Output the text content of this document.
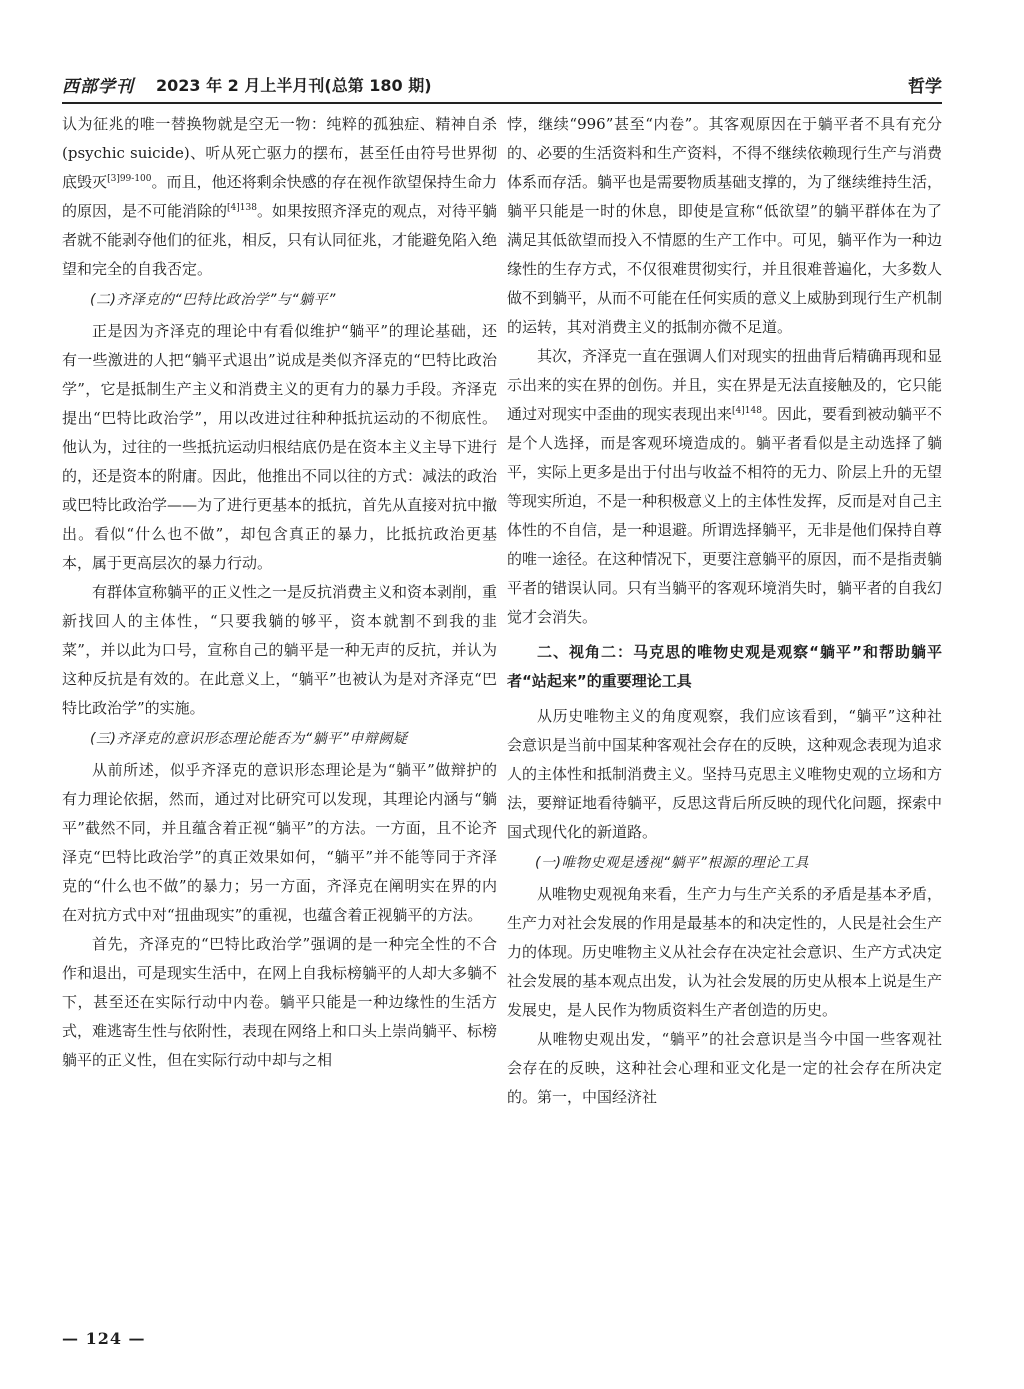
西部学刊 2023 年 2 月上半月刊(总第 180 期)	哲学

认为征兆的唯一替换物就是空无一物：纯粹的孤独症、精神自杀(psychic suicide)、听从死亡驱力的摆布，甚至任由符号世界彻底毁灭$^{[3]99-100}$。而且，他还将剩余快感的存在视作欲望保持生命力的原因，是不可能消除的$^{[4]138}$。如果按照齐泽克的观点，对待平躺者就不能剥夺他们的征兆，相反，只有认同征兆，才能避免陷入绝望和完全的自我否定。

(二)齐泽克的“巴特比政治学”与“躺平”

正是因为齐泽克的理论中有看似维护“躺平”的理论基础，还有一些激进的人把“躺平式退出”说成是类似齐泽克的“巴特比政治学”，它是抵制生产主义和消费主义的更有力的暴力手段。齐泽克提出“巴特比政治学”，用以改进过往种种抵抗运动的不彻底性。他认为，过往的一些抵抗运动归根结底仍是在资本主义主导下进行的，还是资本的附庸。因此，他推出不同以往的方式：减法的政治或巴特比政治学——为了进行更基本的抵抗，首先从直接对抗中撤出。看似“什么也不做”，却包含真正的暴力，比抵抗政治更基本，属于更高层次的暴力行动。

有群体宣称躺平的正义性之一是反抗消费主义和资本剥削，重新找回人的主体性，“只要我躺的够平，资本就割不到我的韭菜”，并以此为口号，宣称自己的躺平是一种无声的反抗，并认为这种反抗是有效的。在此意义上，“躺平”也被认为是对齐泽克“巴特比政治学”的实施。

(三)齐泽克的意识形态理论能否为“躺平”申辩阙疑

从前所述，似乎齐泽克的意识形态理论是为“躺平”做辩护的有力理论依据，然而，通过对比研究可以发现，其理论内涵与“躺平”截然不同，并且蕴含着正视“躺平”的方法。一方面，且不论齐泽克“巴特比政治学”的真正效果如何，“躺平”并不能等同于齐泽克的“什么也不做”的暴力；另一方面，齐泽克在阐明实在界的内在对抗方式中对“扭曲现实”的重视，也蕴含着正视躺平的方法。

首先，齐泽克的“巴特比政治学”强调的是一种完全性的不合作和退出，可是现实生活中，在网上自我标榜躺平的人却大多躺不下，甚至还在实际行动中内卷。躺平只能是一种边缘性的生活方式，难逃寄生性与依附性，表现在网络上和口头上崇尚躺平、标榜躺平的正义性，但在实际行动中却与之相

悖，继续“996”甚至“内卷”。其客观原因在于躺平者不具有充分的、必要的生活资料和生产资料，不得不继续依赖现行生产与消费体系而存活。躺平也是需要物质基础支撑的，为了继续维持生活，躺平只能是一时的休息，即使是宣称“低欲望”的躺平群体在为了满足其低欲望而投入不情愿的生产工作中。可见，躺平作为一种边缘性的生存方式，不仅很难贯彻实行，并且很难普遍化，大多数人做不到躺平，从而不可能在任何实质的意义上威胁到现行生产机制的运转，其对消费主义的抵制亦微不足道。

其次，齐泽克一直在强调人们对现实的扭曲背后精确再现和显示出来的实在界的创伤。并且，实在界是无法直接触及的，它只能通过对现实中歪曲的现实表现出来$^{[4]148}$。因此，要看到被动躺平不是个人选择，而是客观环境造成的。躺平者看似是主动选择了躺平，实际上更多是出于付出与收益不相符的无力、阶层上升的无望等现实所迫，不是一种积极意义上的主体性发挥，反而是对自己主体性的不自信，是一种退避。所谓选择躺平，无非是他们保持自尊的唯一途径。在这种情况下，更要注意躺平的原因，而不是指责躺平者的错误认同。只有当躺平的客观环境消失时，躺平者的自我幻觉才会消失。

二、视角二：马克思的唯物史观是观察“躺平”和帮助躺平者“站起来”的重要理论工具

从历史唯物主义的角度观察，我们应该看到，“躺平”这种社会意识是当前中国某种客观社会存在的反映，这种观念表现为追求人的主体性和抵制消费主义。坚持马克思主义唯物史观的立场和方法，要辩证地看待躺平，反思这背后所反映的现代化问题，探索中国式现代化的新道路。

(一)唯物史观是透视“躺平”根源的理论工具

从唯物史观视角来看，生产力与生产关系的矛盾是基本矛盾，生产力对社会发展的作用是最基本的和决定性的，人民是社会生产力的体现。历史唯物主义从社会存在决定社会意识、生产方式决定社会发展的基本观点出发，认为社会发展的历史从根本上说是生产发展史，是人民作为物质资料生产者创造的历史。

从唯物史观出发，“躺平”的社会意识是当今中国一些客观社会存在的反映，这种社会心理和亚文化是一定的社会存在所决定的。第一，中国经济社

— 124 —
